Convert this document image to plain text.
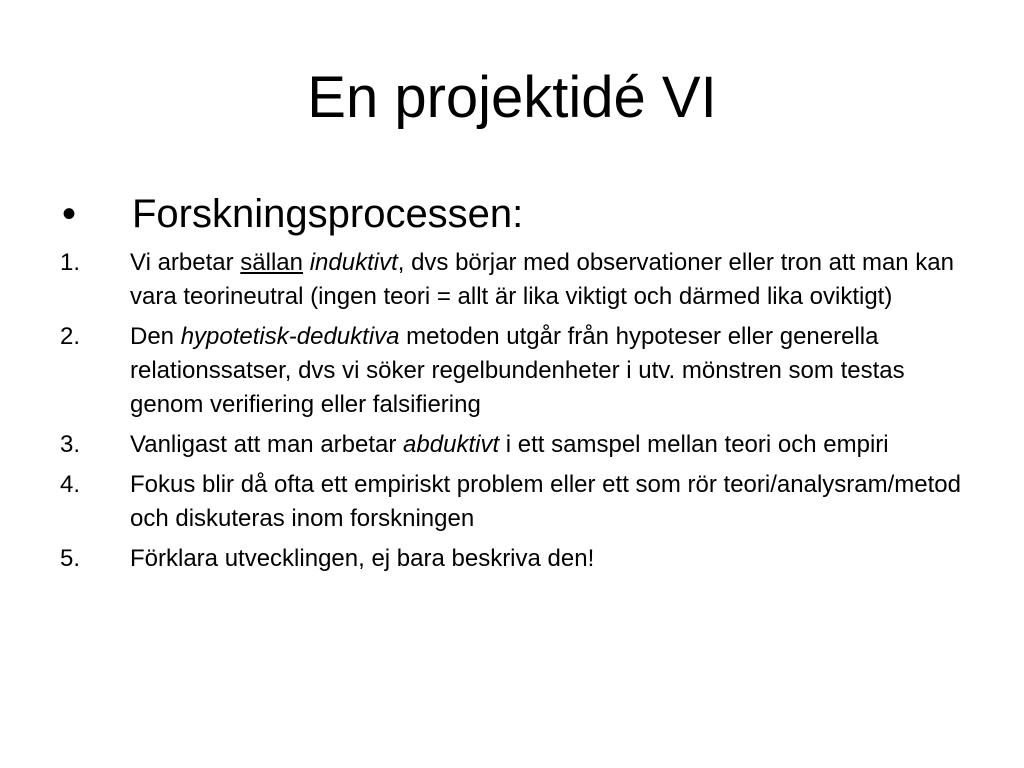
En projektidé VI
•	Forskningsprocessen:
1.	Vi arbetar sällan induktivt, dvs börjar med observationer eller tron att man kan vara teorineutral (ingen teori = allt är lika viktigt och därmed lika oviktigt)
2.	Den hypotetisk-deduktiva metoden utgår från hypoteser eller generella relationssatser, dvs vi söker regelbundenheter i utv. mönstren som testas genom verifiering eller falsifiering
3.	Vanligast att man arbetar abduktivt i ett samspel mellan teori och empiri
4.	Fokus blir då ofta ett empiriskt problem eller ett som rör teori/analysram/metod och diskuteras inom forskningen
5.	Förklara utvecklingen, ej bara beskriva den!
